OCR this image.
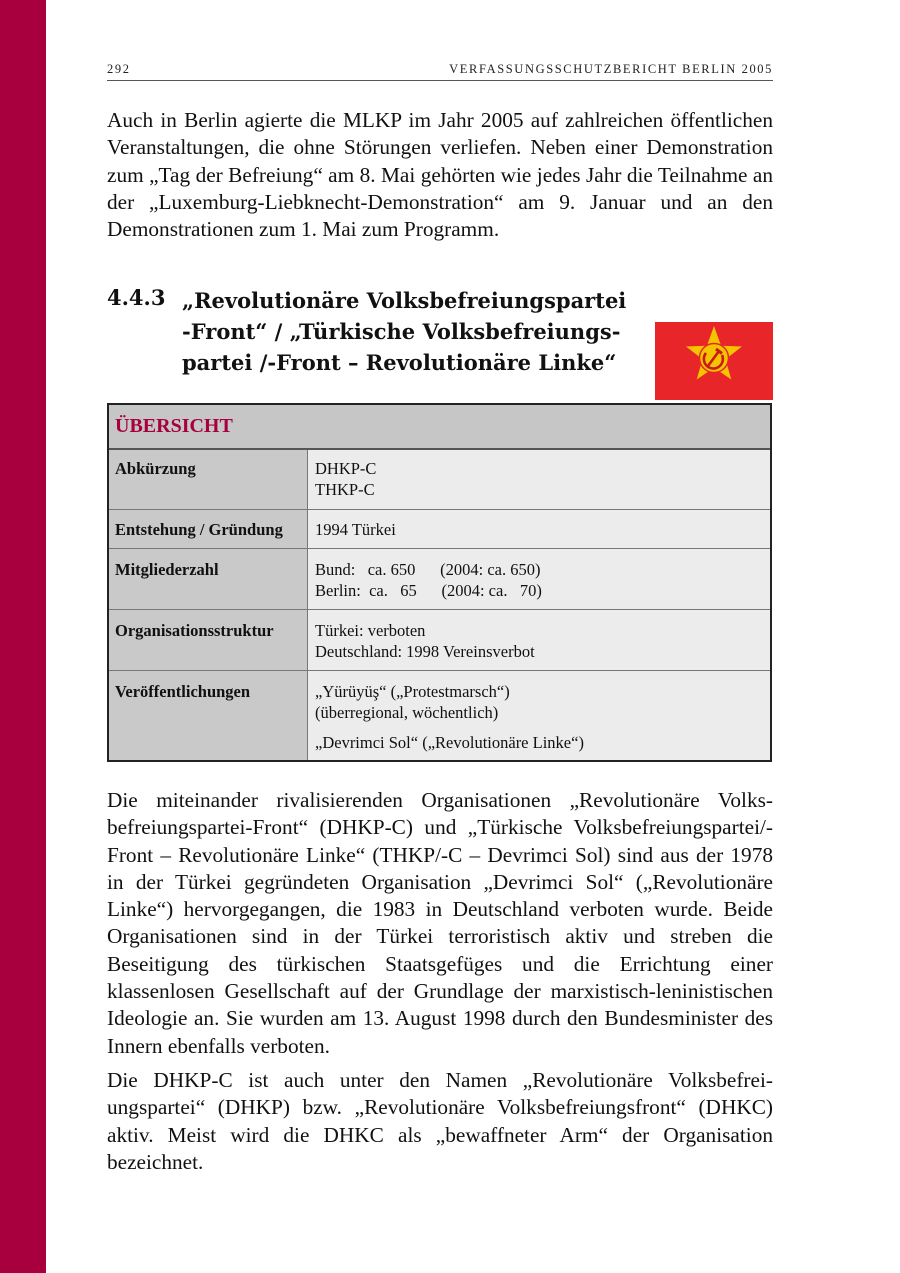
292	VERFASSUNGSSCHUTZBERICHT BERLIN 2005
Auch in Berlin agierte die MLKP im Jahr 2005 auf zahlreichen öffentlichen Veranstaltungen, die ohne Störungen verliefen. Neben einer Demonstration zum „Tag der Befreiung“ am 8. Mai gehörten wie jedes Jahr die Teilnahme an der „Luxemburg-Liebknecht-Demonstration“ am 9. Januar und an den Demonstrationen zum 1. Mai zum Programm.
4.4.3 „Revolutionäre Volksbefreiungspartei
-Front“ / „Türkische Volksbefreiungs-
partei /-Front – Revolutionäre Linke“
ÜBERSICHT
Abkürzung	DHKP-C
THKP-C
Entstehung / Gründung 1994 Türkei
Mitgliederzahl	Bund:   ca. 650      (2004: ca. 650)
Berlin:  ca.   65      (2004: ca.   70)
Organisationsstruktur	Türkei: verboten
Deutschland: 1998 Vereinsverbot
Veröffentlichungen	„Yürüyüş“ („Protestmarsch“)
(überregional, wöchentlich)
„Devrimci Sol“ („Revolutionäre Linke“)
Die miteinander rivalisierenden Organisationen „Revolutionäre Volksbefreiungspartei-Front“ (DHKP-C) und „Türkische Volksbefreiungspartei/-Front – Revolutionäre Linke“ (THKP/-C – Devrimci Sol) sind aus der 1978 in der Türkei gegründeten Organisation „Devrimci Sol“ („Revolutionäre Linke“) hervorgegangen, die 1983 in Deutschland verboten wurde. Beide Organisationen sind in der Türkei terroristisch aktiv und streben die Beseitigung des türkischen Staatsgefüges und die Errichtung einer klassenlosen Gesellschaft auf der Grundlage der marxistisch-leninistischen Ideologie an. Sie wurden am 13. August 1998 durch den Bundesminister des Innern ebenfalls verboten.
Die DHKP-C ist auch unter den Namen „Revolutionäre Volksbefreiungspartei“ (DHKP) bzw. „Revolutionäre Volksbefreiungsfront“ (DHKC) aktiv. Meist wird die DHKC als „bewaffneter Arm“ der Organisation bezeichnet.
